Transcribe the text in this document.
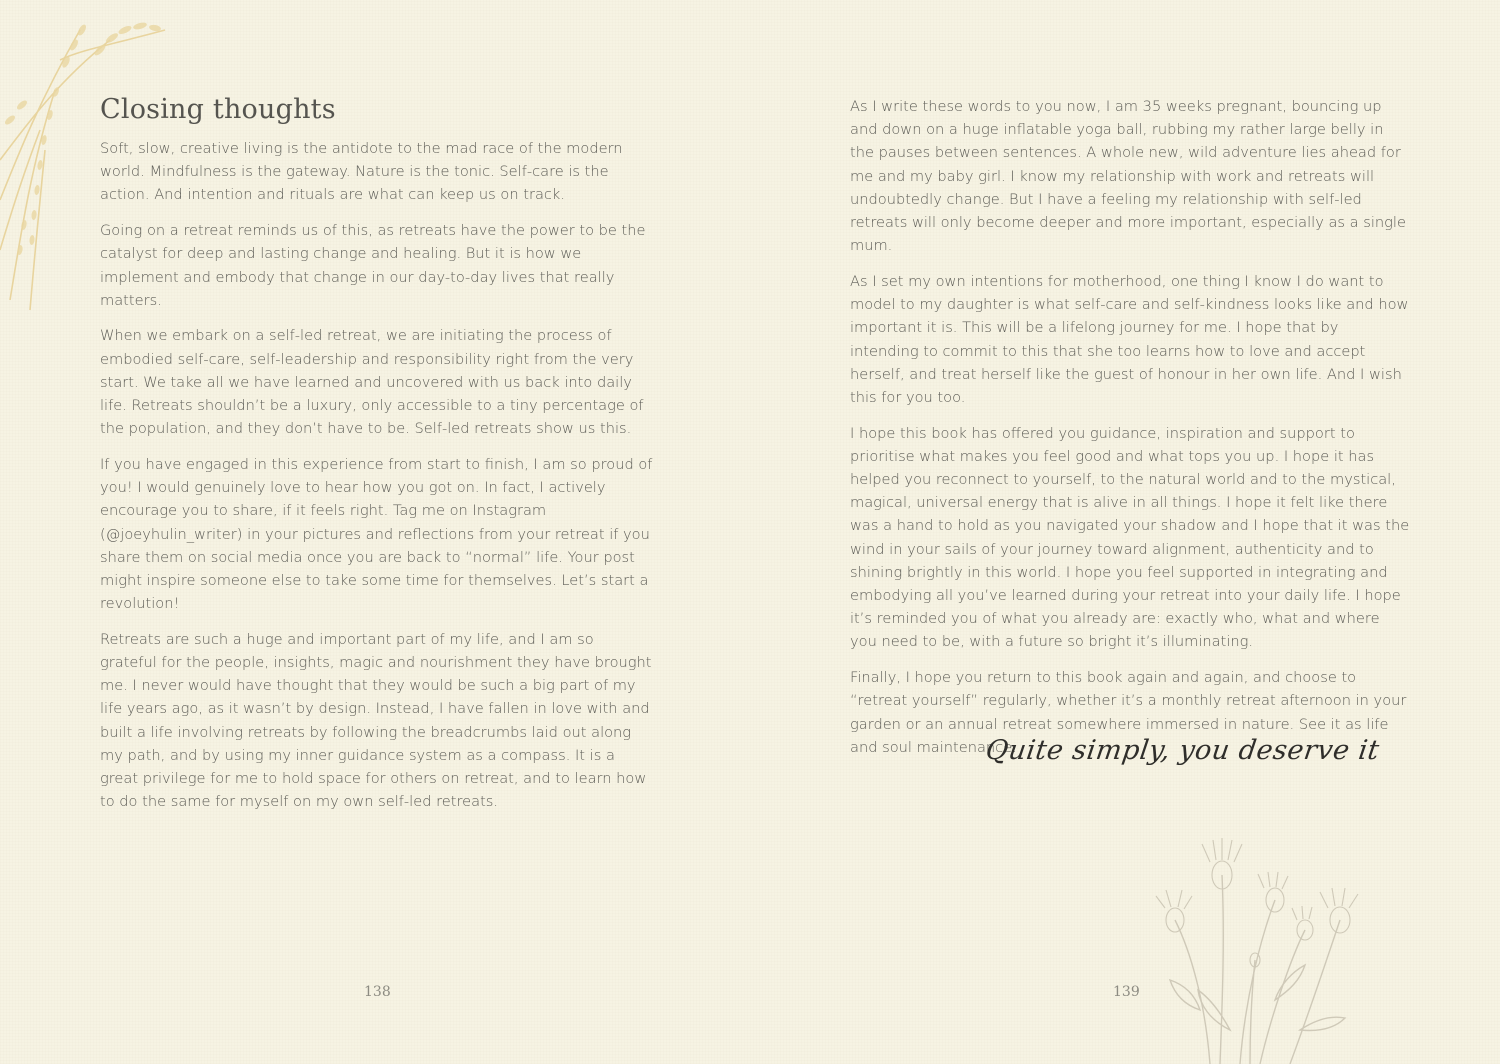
Closing thoughts

Soft, slow, creative living is the antidote to the mad race of the modern world. Mindfulness is the gateway. Nature is the tonic. Self-care is the action. And intention and rituals are what can keep us on track.

Going on a retreat reminds us of this, as retreats have the power to be the catalyst for deep and lasting change and healing. But it is how we implement and embody that change in our day-to-day lives that really matters.

When we embark on a self-led retreat, we are initiating the process of embodied self-care, self-leadership and responsibility right from the very start. We take all we have learned and uncovered with us back into daily life. Retreats shouldn’t be a luxury, only accessible to a tiny percentage of the population, and they don’t have to be. Self-led retreats show us this.

If you have engaged in this experience from start to finish, I am so proud of you! I would genuinely love to hear how you got on. In fact, I actively encourage you to share, if it feels right. Tag me on Instagram (@joeyhulin_writer) in your pictures and reflections from your retreat if you share them on social media once you are back to “normal” life. Your post might inspire someone else to take some time for themselves. Let’s start a revolution!

Retreats are such a huge and important part of my life, and I am so grateful for the people, insights, magic and nourishment they have brought me. I never would have thought that they would be such a big part of my life years ago, as it wasn’t by design. Instead, I have fallen in love with and built a life involving retreats by following the breadcrumbs laid out along my path, and by using my inner guidance system as a compass. It is a great privilege for me to hold space for others on retreat, and to learn how to do the same for myself on my own self-led retreats.

138

As I write these words to you now, I am 35 weeks pregnant, bouncing up and down on a huge inflatable yoga ball, rubbing my rather large belly in the pauses between sentences. A whole new, wild adventure lies ahead for me and my baby girl. I know my relationship with work and retreats will undoubtedly change. But I have a feeling my relationship with self-led retreats will only become deeper and more important, especially as a single mum.

As I set my own intentions for motherhood, one thing I know I do want to model to my daughter is what self-care and self-kindness looks like and how important it is. This will be a lifelong journey for me. I hope that by intending to commit to this that she too learns how to love and accept herself, and treat herself like the guest of honour in her own life. And I wish this for you too.

I hope this book has offered you guidance, inspiration and support to prioritise what makes you feel good and what tops you up. I hope it has helped you reconnect to yourself, to the natural world and to the mystical, magical, universal energy that is alive in all things. I hope it felt like there was a hand to hold as you navigated your shadow and I hope that it was the wind in your sails of your journey toward alignment, authenticity and to shining brightly in this world. I hope you feel supported in integrating and embodying all you’ve learned during your retreat into your daily life. I hope it’s reminded you of what you already are: exactly who, what and where you need to be, with a future so bright it’s illuminating.

Finally, I hope you return to this book again and again, and choose to “retreat yourself” regularly, whether it’s a monthly retreat afternoon in your garden or an annual retreat somewhere immersed in nature. See it as life and soul maintenance.

Quite simply, you deserve it
139
